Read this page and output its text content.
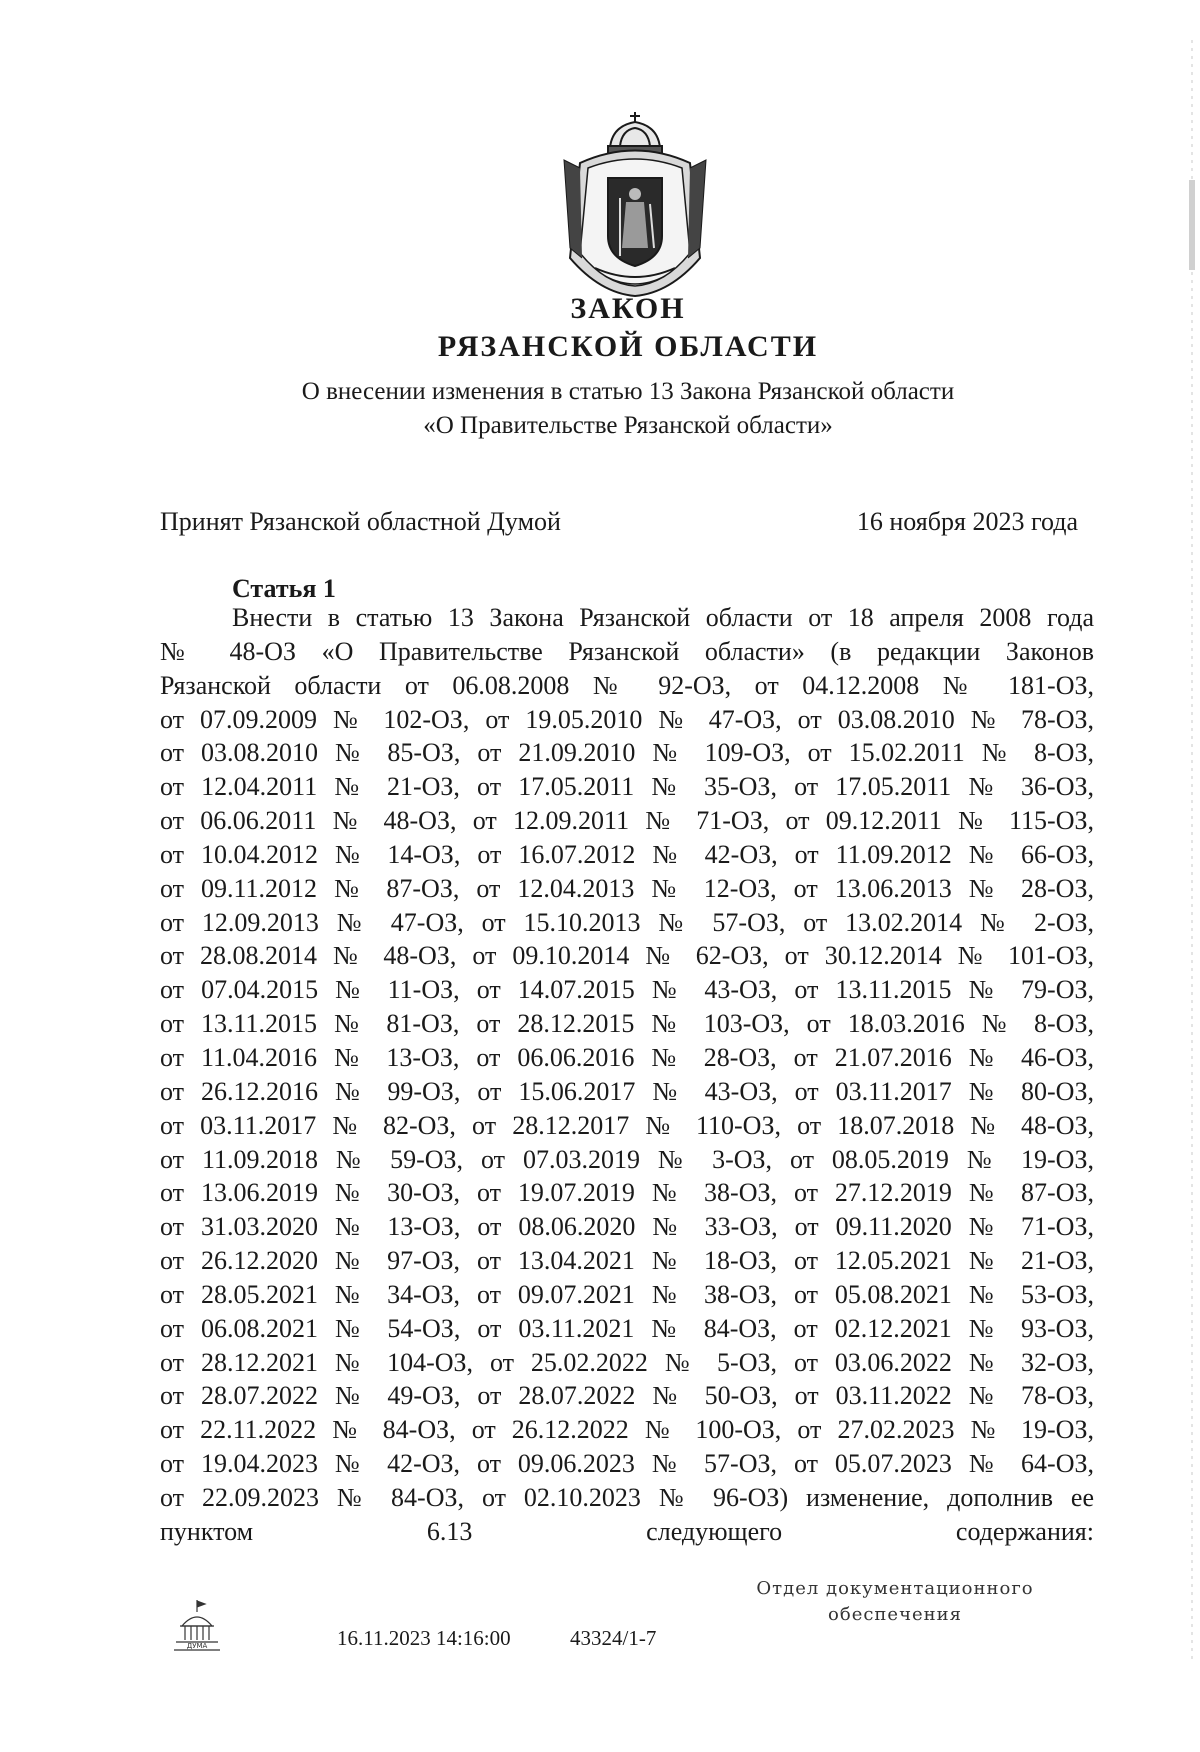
ЗАКОН
РЯЗАНСКОЙ ОБЛАСТИ
О внесении изменения в статью 13 Закона Рязанской области
«О Правительстве Рязанской области»
Принят Рязанской областной Думой	16 ноября 2023 года
Статья 1
Внести в статью 13 Закона Рязанской области от 18 апреля 2008 года
№ 48-ОЗ «О Правительстве Рязанской области» (в редакции Законов
Рязанской области от 06.08.2008 № 92-ОЗ, от 04.12.2008 № 181-ОЗ,
от 07.09.2009 № 102-ОЗ, от 19.05.2010 № 47-ОЗ, от 03.08.2010 № 78-ОЗ,
от 03.08.2010 № 85-ОЗ, от 21.09.2010 № 109-ОЗ, от 15.02.2011 № 8-ОЗ,
от 12.04.2011 № 21-ОЗ, от 17.05.2011 № 35-ОЗ, от 17.05.2011 № 36-ОЗ,
от 06.06.2011 № 48-ОЗ, от 12.09.2011 № 71-ОЗ, от 09.12.2011 № 115-ОЗ,
от 10.04.2012 № 14-ОЗ, от 16.07.2012 № 42-ОЗ, от 11.09.2012 № 66-ОЗ,
от 09.11.2012 № 87-ОЗ, от 12.04.2013 № 12-ОЗ, от 13.06.2013 № 28-ОЗ,
от 12.09.2013 № 47-ОЗ, от 15.10.2013 № 57-ОЗ, от 13.02.2014 № 2-ОЗ,
от 28.08.2014 № 48-ОЗ, от 09.10.2014 № 62-ОЗ, от 30.12.2014 № 101-ОЗ,
от 07.04.2015 № 11-ОЗ, от 14.07.2015 № 43-ОЗ, от 13.11.2015 № 79-ОЗ,
от 13.11.2015 № 81-ОЗ, от 28.12.2015 № 103-ОЗ, от 18.03.2016 № 8-ОЗ,
от 11.04.2016 № 13-ОЗ, от 06.06.2016 № 28-ОЗ, от 21.07.2016 № 46-ОЗ,
от 26.12.2016 № 99-ОЗ, от 15.06.2017 № 43-ОЗ, от 03.11.2017 № 80-ОЗ,
от 03.11.2017 № 82-ОЗ, от 28.12.2017 № 110-ОЗ, от 18.07.2018 № 48-ОЗ,
от 11.09.2018 № 59-ОЗ, от 07.03.2019 № 3-ОЗ, от 08.05.2019 № 19-ОЗ,
от 13.06.2019 № 30-ОЗ, от 19.07.2019 № 38-ОЗ, от 27.12.2019 № 87-ОЗ,
от 31.03.2020 № 13-ОЗ, от 08.06.2020 № 33-ОЗ, от 09.11.2020 № 71-ОЗ,
от 26.12.2020 № 97-ОЗ, от 13.04.2021 № 18-ОЗ, от 12.05.2021 № 21-ОЗ,
от 28.05.2021 № 34-ОЗ, от 09.07.2021 № 38-ОЗ, от 05.08.2021 № 53-ОЗ,
от 06.08.2021 № 54-ОЗ, от 03.11.2021 № 84-ОЗ, от 02.12.2021 № 93-ОЗ,
от 28.12.2021 № 104-ОЗ, от 25.02.2022 № 5-ОЗ, от 03.06.2022 № 32-ОЗ,
от 28.07.2022 № 49-ОЗ, от 28.07.2022 № 50-ОЗ, от 03.11.2022 № 78-ОЗ,
от 22.11.2022 № 84-ОЗ, от 26.12.2022 № 100-ОЗ, от 27.02.2023 № 19-ОЗ,
от 19.04.2023 № 42-ОЗ, от 09.06.2023 № 57-ОЗ, от 05.07.2023 № 64-ОЗ,
от 22.09.2023 № 84-ОЗ, от 02.10.2023 № 96-ОЗ) изменение, дополнив ее
пунктом 6.13 следующего содержания:
ДУМА	16.11.2023 14:16:00	43324/1-7
Отдел документационного
обеспечения
